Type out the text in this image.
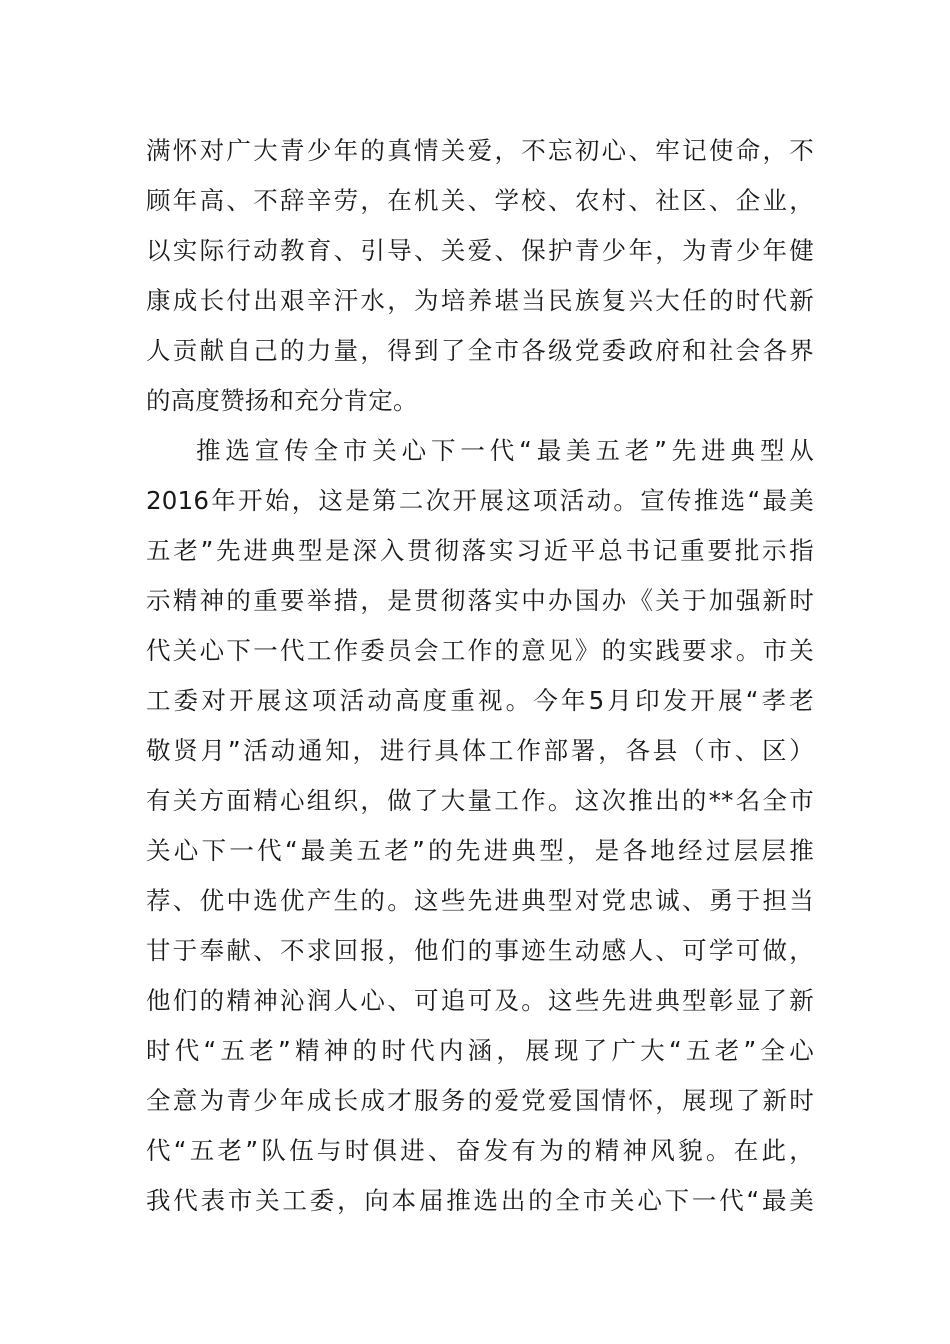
满怀对广大青少年的真情关爱，不忘初心、牢记使命，不
顾年高、不辞辛劳，在机关、学校、农村、社区、企业，
以实际行动教育、引导、关爱、保护青少年，为青少年健
康成长付出艰辛汗水，为培养堪当民族复兴大任的时代新
人贡献自己的力量，得到了全市各级党委政府和社会各界
的高度赞扬和充分肯定。
推选宣传全市关心下一代“最美五老”先进典型从
2016年开始，这是第二次开展这项活动。宣传推选“最美
五老”先进典型是深入贯彻落实习近平总书记重要批示指
示精神的重要举措，是贯彻落实中办国办《关于加强新时
代关心下一代工作委员会工作的意见》的实践要求。市关
工委对开展这项活动高度重视。今年5月印发开展“孝老
敬贤月”活动通知，进行具体工作部署，各县（市、区）
有关方面精心组织，做了大量工作。这次推出的**名全市
关心下一代“最美五老”的先进典型，是各地经过层层推
荐、优中选优产生的。这些先进典型对党忠诚、勇于担当
甘于奉献、不求回报，他们的事迹生动感人、可学可做，
他们的精神沁润人心、可追可及。这些先进典型彰显了新
时代“五老”精神的时代内涵，展现了广大“五老”全心
全意为青少年成长成才服务的爱党爱国情怀，展现了新时
代“五老”队伍与时俱进、奋发有为的精神风貌。在此，
我代表市关工委，向本届推选出的全市关心下一代“最美
